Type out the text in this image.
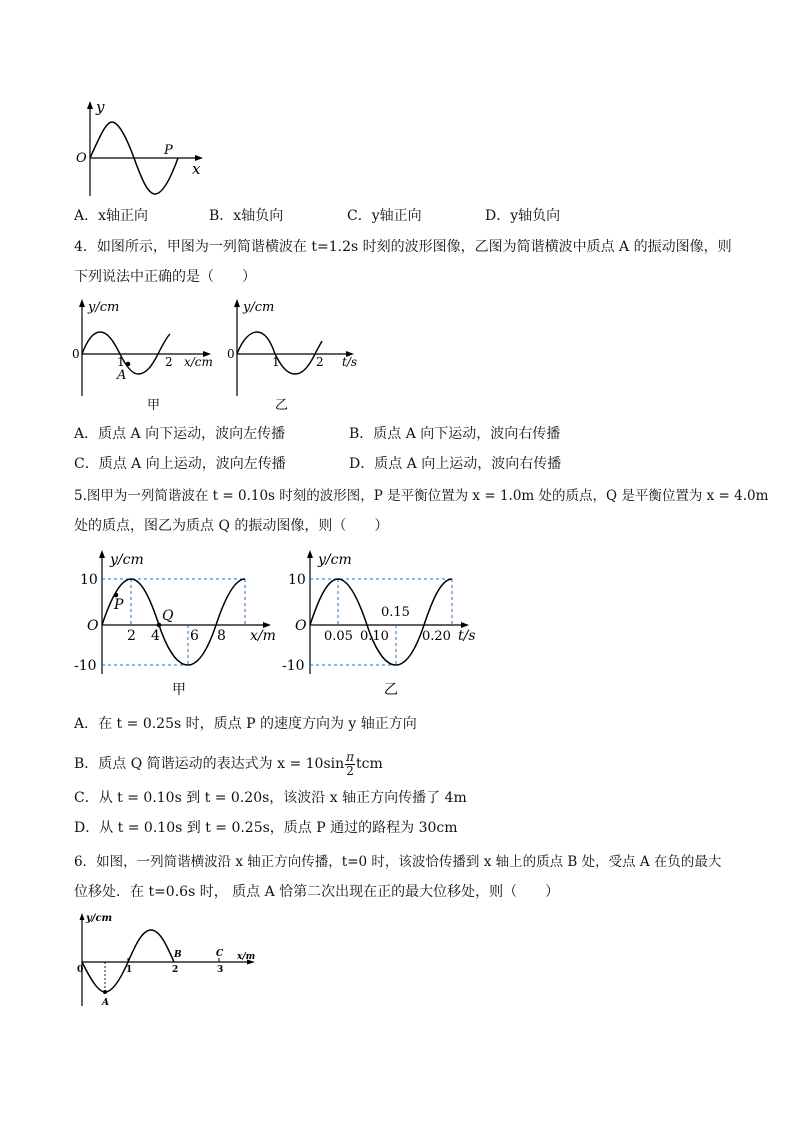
y
x
O
P
A．x轴正向	B．x轴负向	C．y轴正向	D．y轴负向
4．如图所示，甲图为一列简谐横波在 t=1.2s 时刻的波形图像，乙图为简谐横波中质点 A 的振动图像，则
下列说法中正确的是（　　）
y/cm
0
1	2 x/cm
A
甲
y/cm
0
1	2 t/s
乙
A．质点 A 向下运动，波向左传播	B．质点 A 向下运动，波向右传播
C．质点 A 向上运动，波向左传播	D．质点 A 向上运动，波向右传播
5.图甲为一列简谐波在 t = 0.10s 时刻的波形图，P 是平衡位置为 x = 1.0m 处的质点，Q 是平衡位置为 x = 4.0m
处的质点，图乙为质点 Q 的振动图像，则（　　）
y/cm
10
-10
O
2 4 6 8 x/m
P
Q
甲
y/cm
10
-10
O
0.05 0.10
0.15
0.20 t/s
乙
A．在 t = 0.25s 时，质点 P 的速度方向为 y 轴正方向
B．质点 Q 简谐运动的表达式为 $x = 10\sin \frac{\pi}{2}$ tcm
C．从 t = 0.10s 到 t = 0.20s，该波沿 x 轴正方向传播了 4m
D．从 t = 0.10s 到 t = 0.25s，质点 P 通过的路程为 30cm
6．如图，一列简谐横波沿 x 轴正方向传播，t=0 时，该波恰传播到 x 轴上的质点 B 处，受点 A 在负的最大
位移处．在 t=0.6s 时， 质点 A 恰第二次出现在正的最大位移处，则（　　）
y/cm
x/m
0	1	2	3
A
B	C
